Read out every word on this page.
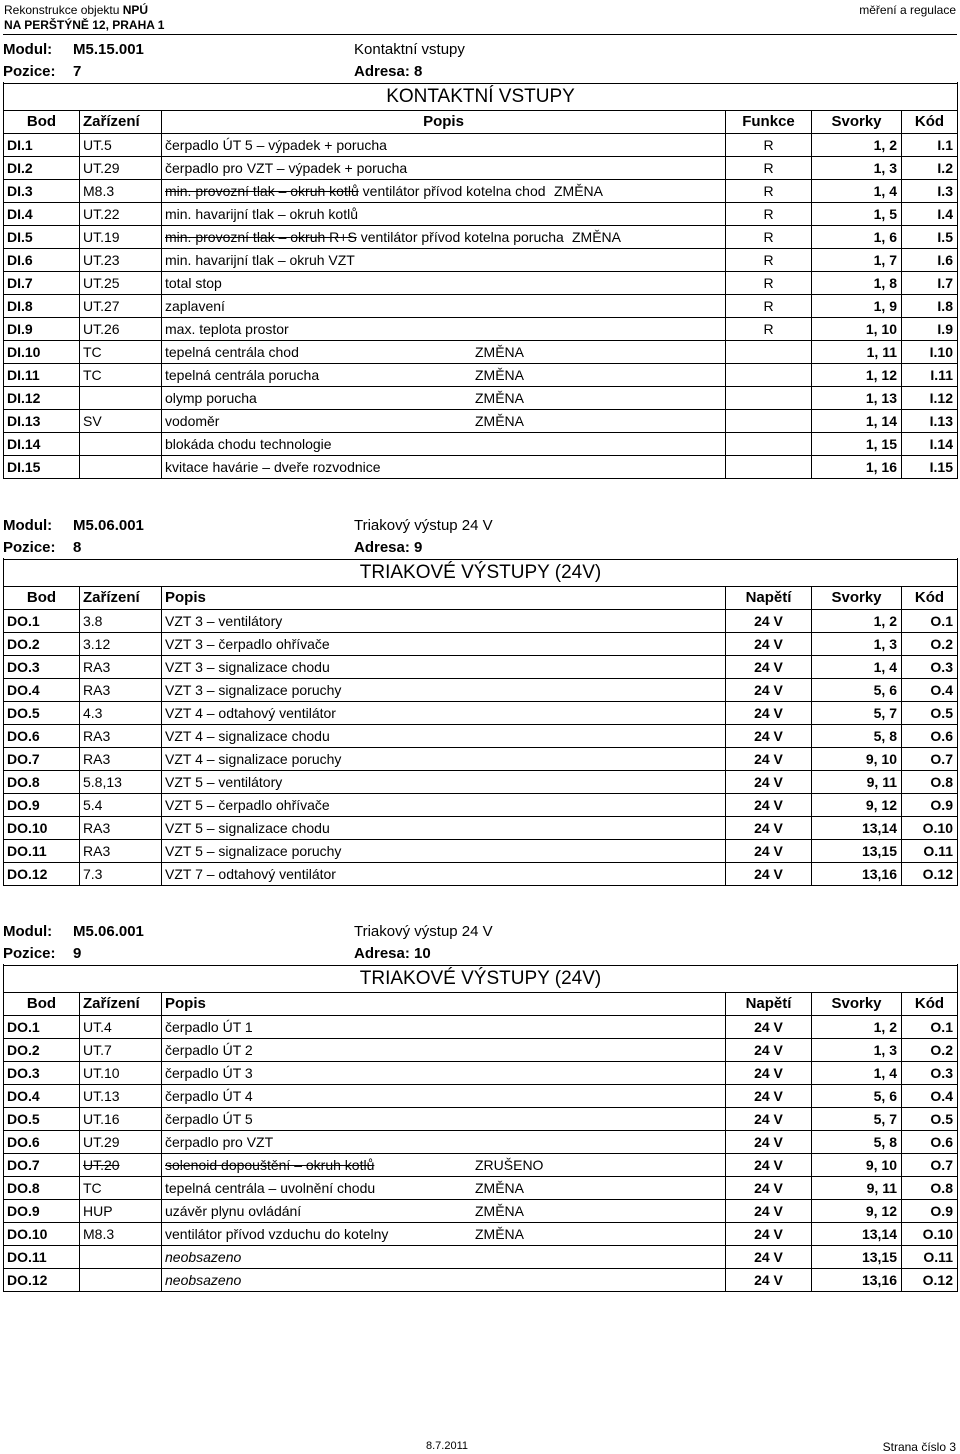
Rekonstrukce objektu NPÚ
NA PERŠTÝNĚ 12, PRAHA 1
měření a regulace
Modul: M5.15.001	Kontaktní vstupy
Pozice: 7	Adresa: 8
KONTAKTNÍ VSTUPY
Bod	Zařízení	Popis	Funkce	Svorky	Kód
DI.1	UT.5	čerpadlo ÚT 5 – výpadek + porucha	R	1, 2	I.1
DI.2	UT.29	čerpadlo pro VZT – výpadek + porucha	R	1, 3	I.2
DI.3	M8.3	min. provozní tlak – okruh kotlů ventilátor přívod kotelna chod ZMĚNA	R	1, 4	I.3
DI.4	UT.22	min. havarijní tlak – okruh kotlů	R	1, 5	I.4
DI.5	UT.19	min. provozní tlak – okruh R+S ventilátor přívod kotelna porucha ZMĚNA	R	1, 6	I.5
DI.6	UT.23	min. havarijní tlak – okruh VZT	R	1, 7	I.6
DI.7	UT.25	total stop	R	1, 8	I.7
DI.8	UT.27	zaplavení	R	1, 9	I.8
DI.9	UT.26	max. teplota prostor	R	1, 10	I.9
DI.10	TC	tepelná centrála chod ZMĚNA		1, 11	I.10
DI.11	TC	tepelná centrála porucha ZMĚNA		1, 12	I.11
DI.12		olymp porucha ZMĚNA		1, 13	I.12
DI.13	SV	vodoměr ZMĚNA		1, 14	I.13
DI.14		blokáda chodu technologie		1, 15	I.14
DI.15		kvitace havárie – dveře rozvodnice		1, 16	I.15
Modul: M5.06.001	Triakový výstup 24 V
Pozice: 8	Adresa: 9
TRIAKOVÉ VÝSTUPY (24V)
Bod	Zařízení	Popis	Napětí	Svorky	Kód
DO.1	3.8	VZT 3 – ventilátory	24 V	1, 2	O.1
DO.2	3.12	VZT 3 – čerpadlo ohřívače	24 V	1, 3	O.2
DO.3	RA3	VZT 3 – signalizace chodu	24 V	1, 4	O.3
DO.4	RA3	VZT 3 – signalizace poruchy	24 V	5, 6	O.4
DO.5	4.3	VZT 4 – odtahový ventilátor	24 V	5, 7	O.5
DO.6	RA3	VZT 4 – signalizace chodu	24 V	5, 8	O.6
DO.7	RA3	VZT 4 – signalizace poruchy	24 V	9, 10	O.7
DO.8	5.8,13	VZT 5 – ventilátory	24 V	9, 11	O.8
DO.9	5.4	VZT 5 – čerpadlo ohřívače	24 V	9, 12	O.9
DO.10	RA3	VZT 5 – signalizace chodu	24 V	13,14	O.10
DO.11	RA3	VZT 5 – signalizace poruchy	24 V	13,15	O.11
DO.12	7.3	VZT 7 – odtahový ventilátor	24 V	13,16	O.12
Modul: M5.06.001	Triakový výstup 24 V
Pozice: 9	Adresa: 10
TRIAKOVÉ VÝSTUPY (24V)
Bod	Zařízení	Popis	Napětí	Svorky	Kód
DO.1	UT.4	čerpadlo ÚT 1	24 V	1, 2	O.1
DO.2	UT.7	čerpadlo ÚT 2	24 V	1, 3	O.2
DO.3	UT.10	čerpadlo ÚT 3	24 V	1, 4	O.3
DO.4	UT.13	čerpadlo ÚT 4	24 V	5, 6	O.4
DO.5	UT.16	čerpadlo ÚT 5	24 V	5, 7	O.5
DO.6	UT.29	čerpadlo pro VZT	24 V	5, 8	O.6
DO.7	UT.20	solenoid dopouštění – okruh kotlů ZRUŠENO	24 V	9, 10	O.7
DO.8	TC	tepelná centrála – uvolnění chodu ZMĚNA	24 V	9, 11	O.8
DO.9	HUP	uzávěr plynu ovládání ZMĚNA	24 V	9, 12	O.9
DO.10	M8.3	ventilátor přívod vzduchu do kotelny ZMĚNA	24 V	13,14	O.10
DO.11		neobsazeno	24 V	13,15	O.11
DO.12		neobsazeno	24 V	13,16	O.12
8.7.2011	Strana číslo 3
